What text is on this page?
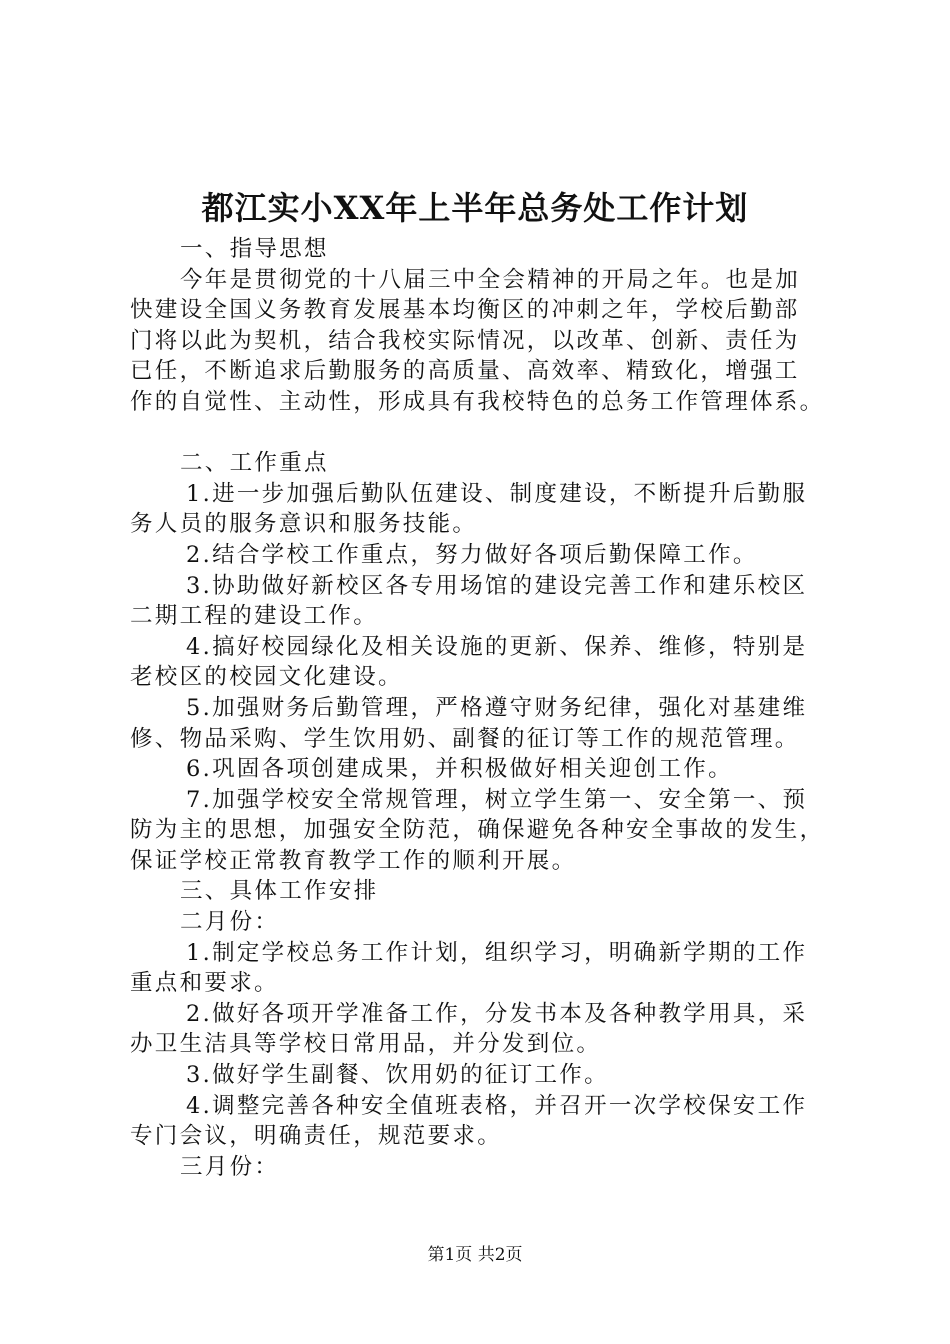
都江实小XX年上半年总务处工作计划
一、指导思想
今年是贯彻党的十八届三中全会精神的开局之年。也是加
快建设全国义务教育发展基本均衡区的冲刺之年，学校后勤部
门将以此为契机，结合我校实际情况，以改革、创新、责任为
已任，不断追求后勤服务的高质量、高效率、精致化，增强工
作的自觉性、主动性，形成具有我校特色的总务工作管理体系。
二、工作重点
1.进一步加强后勤队伍建设、制度建设，不断提升后勤服
务人员的服务意识和服务技能。
2.结合学校工作重点，努力做好各项后勤保障工作。
3.协助做好新校区各专用场馆的建设完善工作和建乐校区
二期工程的建设工作。
4.搞好校园绿化及相关设施的更新、保养、维修，特别是
老校区的校园文化建设。
5.加强财务后勤管理，严格遵守财务纪律，强化对基建维
修、物品采购、学生饮用奶、副餐的征订等工作的规范管理。
6.巩固各项创建成果，并积极做好相关迎创工作。
7.加强学校安全常规管理，树立学生第一、安全第一、预
防为主的思想，加强安全防范，确保避免各种安全事故的发生，
保证学校正常教育教学工作的顺利开展。
三、具体工作安排
二月份：
1.制定学校总务工作计划，组织学习，明确新学期的工作
重点和要求。
2.做好各项开学准备工作，分发书本及各种教学用具，采
办卫生洁具等学校日常用品，并分发到位。
3.做好学生副餐、饮用奶的征订工作。
4.调整完善各种安全值班表格，并召开一次学校保安工作
专门会议，明确责任，规范要求。
三月份：
第1页 共2页
